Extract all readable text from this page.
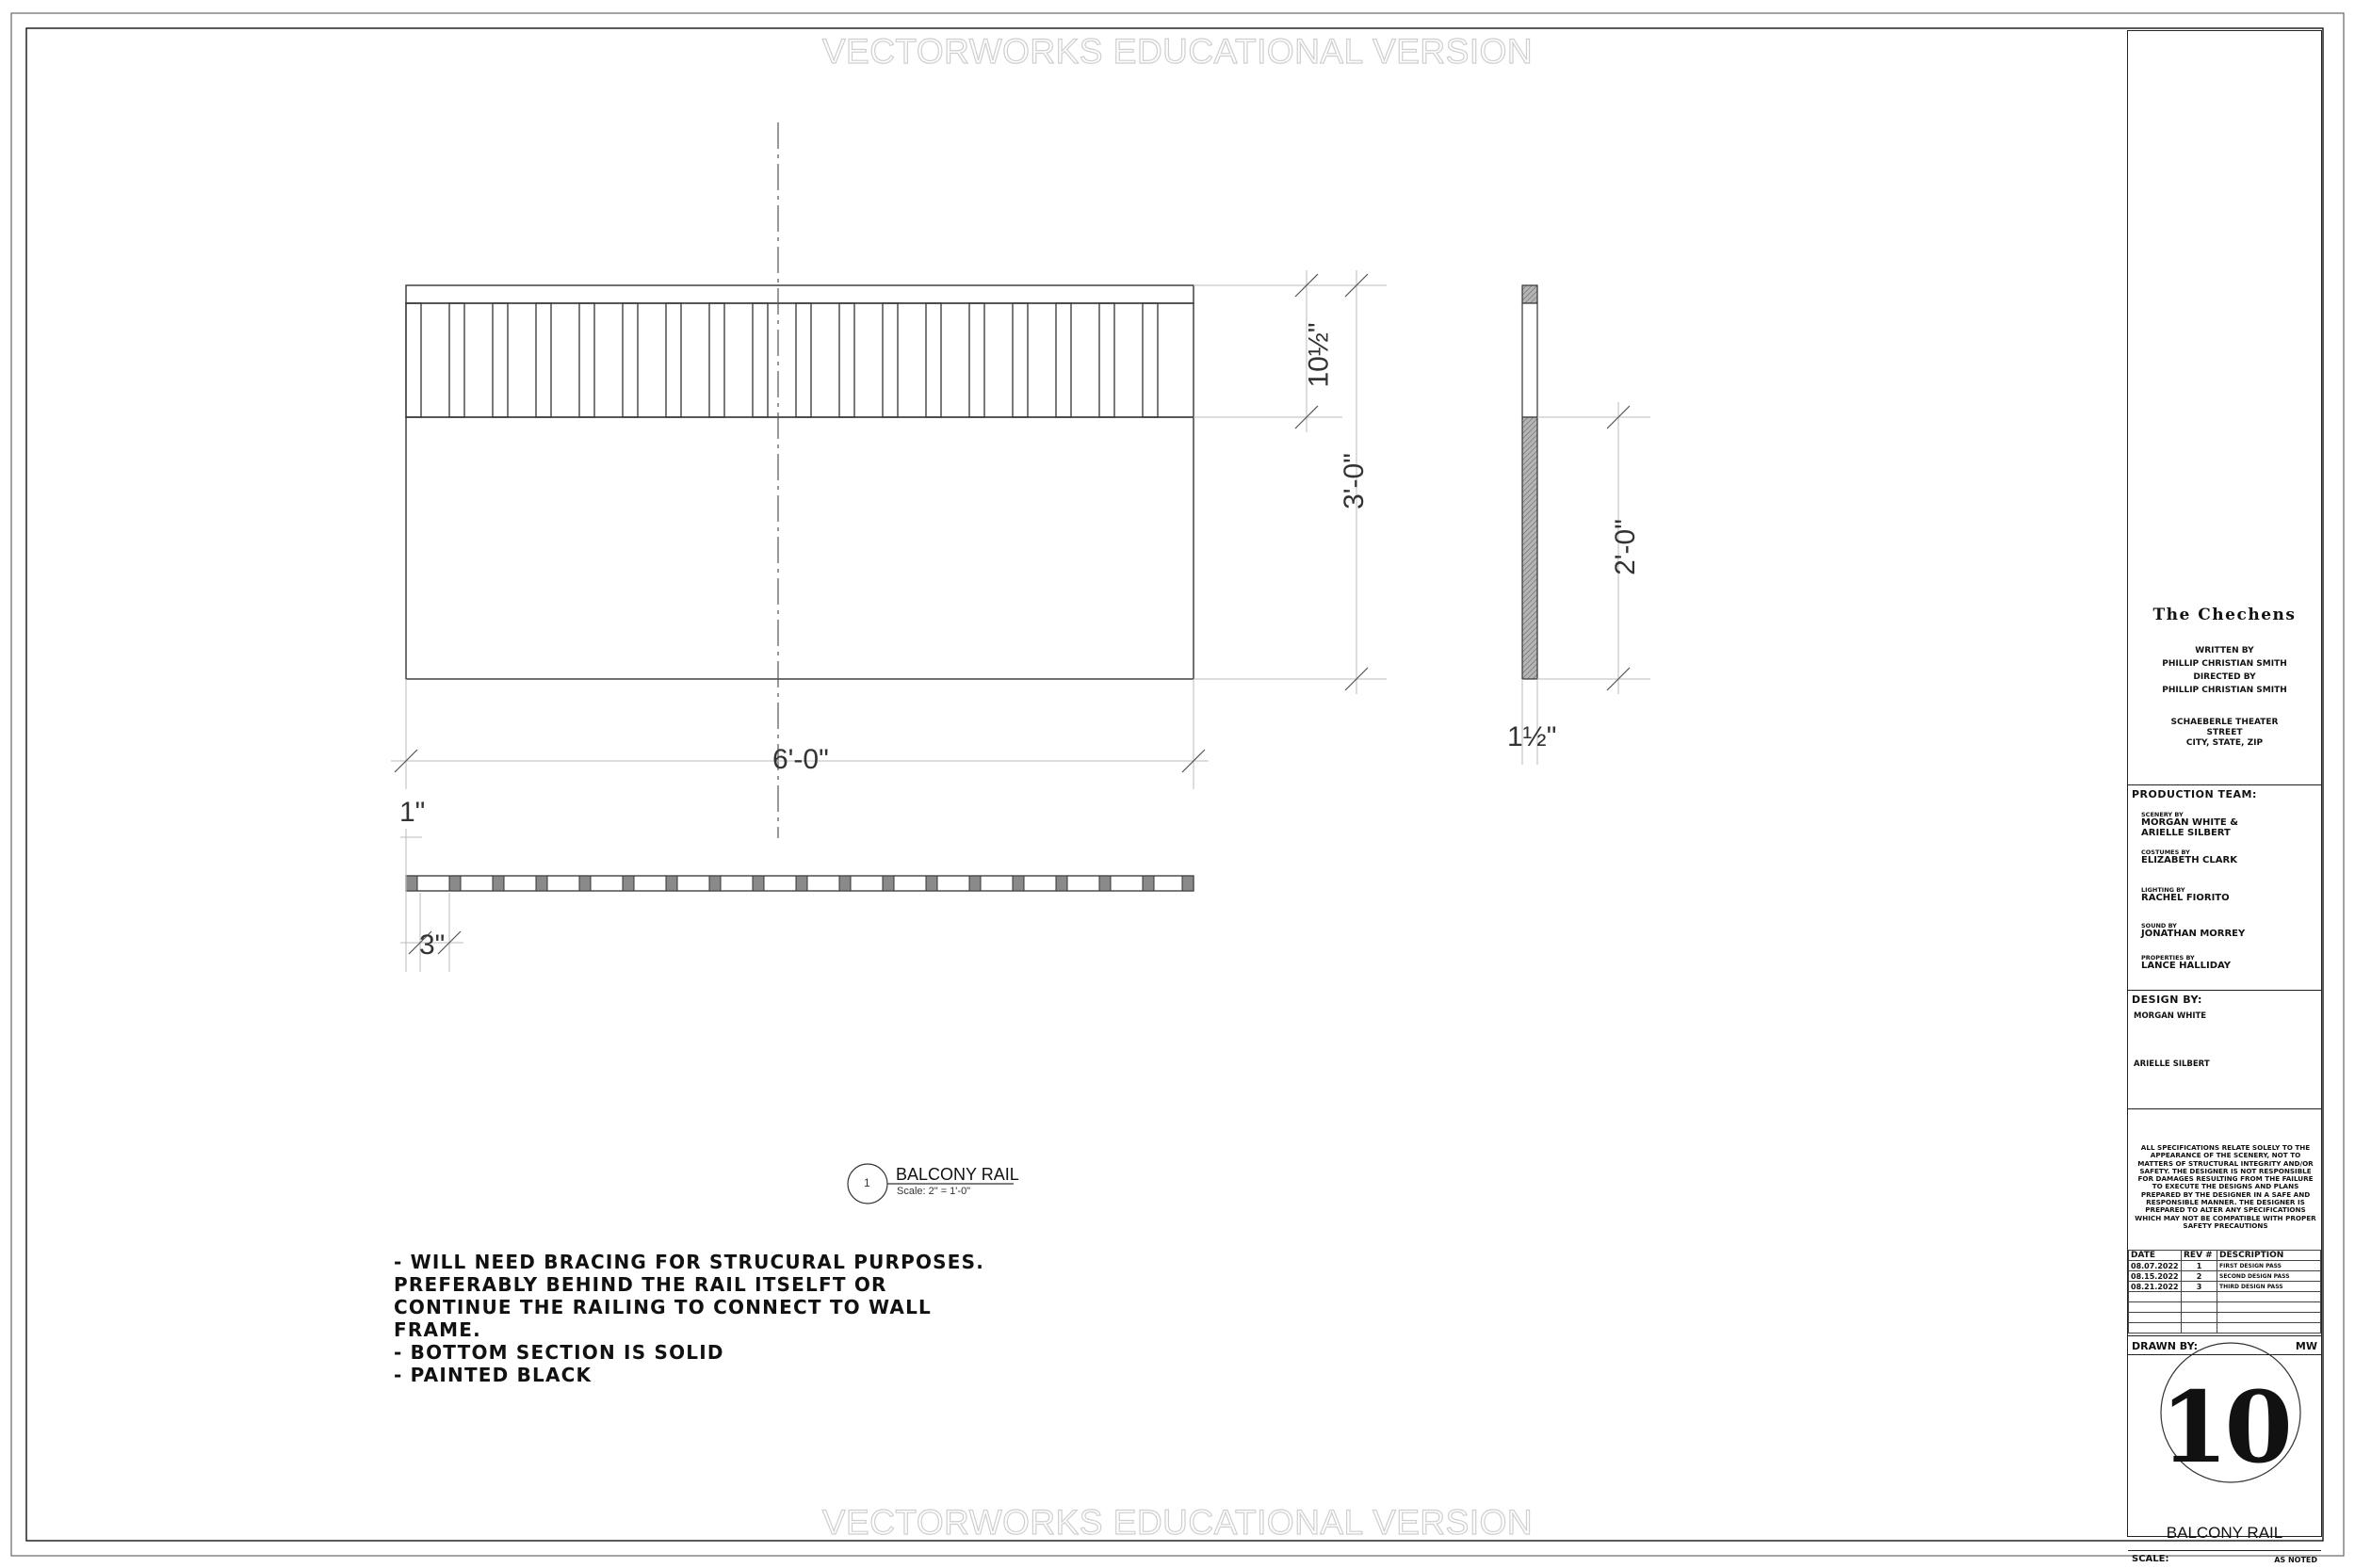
VECTORWORKS EDUCATIONAL VERSION
VECTORWORKS EDUCATIONAL VERSION
6'-0"
3'-0"
10½"
2'-0"
1½"
1"
3"
1 BALCONY RAIL
Scale: 2" = 1'-0"
- WILL NEED BRACING FOR STRUCURAL PURPOSES.
PREFERABLY BEHIND THE RAIL ITSELFT OR
CONTINUE THE RAILING TO CONNECT TO WALL
FRAME.
- BOTTOM SECTION IS SOLID
- PAINTED BLACK
The Chechens
WRITTEN BY
PHILLIP CHRISTIAN SMITH
DIRECTED BY
PHILLIP CHRISTIAN SMITH
SCHAEBERLE THEATER
STREET
CITY, STATE, ZIP
PRODUCTION TEAM:
SCENERY BY
MORGAN WHITE &
ARIELLE SILBERT
COSTUMES BY
ELIZABETH CLARK
LIGHTING BY
RACHEL FIORITO
SOUND BY
JONATHAN MORREY
PROPERTIES BY
LANCE HALLIDAY
DESIGN BY:
MORGAN WHITE
ARIELLE SILBERT
ALL SPECIFICATIONS RELATE SOLELY TO THE APPEARANCE OF THE SCENERY, NOT TO MATTERS OF STRUCTURAL INTEGRITY AND/OR SAFETY. THE DESIGNER IS NOT RESPONSIBLE FOR DAMAGES RESULTING FROM THE FAILURE TO EXECUTE THE DESIGNS AND PLANS PREPARED BY THE DESIGNER IN A SAFE AND RESPONSIBLE MANNER. THE DESIGNER IS PREPARED TO ALTER ANY SPECIFICATIONS WHICH MAY NOT BE COMPATIBLE WITH PROPER SAFETY PRECAUTIONS
DATE	REV #	DESCRIPTION
08.07.2022	1	FIRST DESIGN PASS
08.15.2022	2	SECOND DESIGN PASS
08.21.2022	3	THIRD DESIGN PASS

DRAWN BY:	MW
10
BALCONY RAIL
SCALE:	AS NOTED
